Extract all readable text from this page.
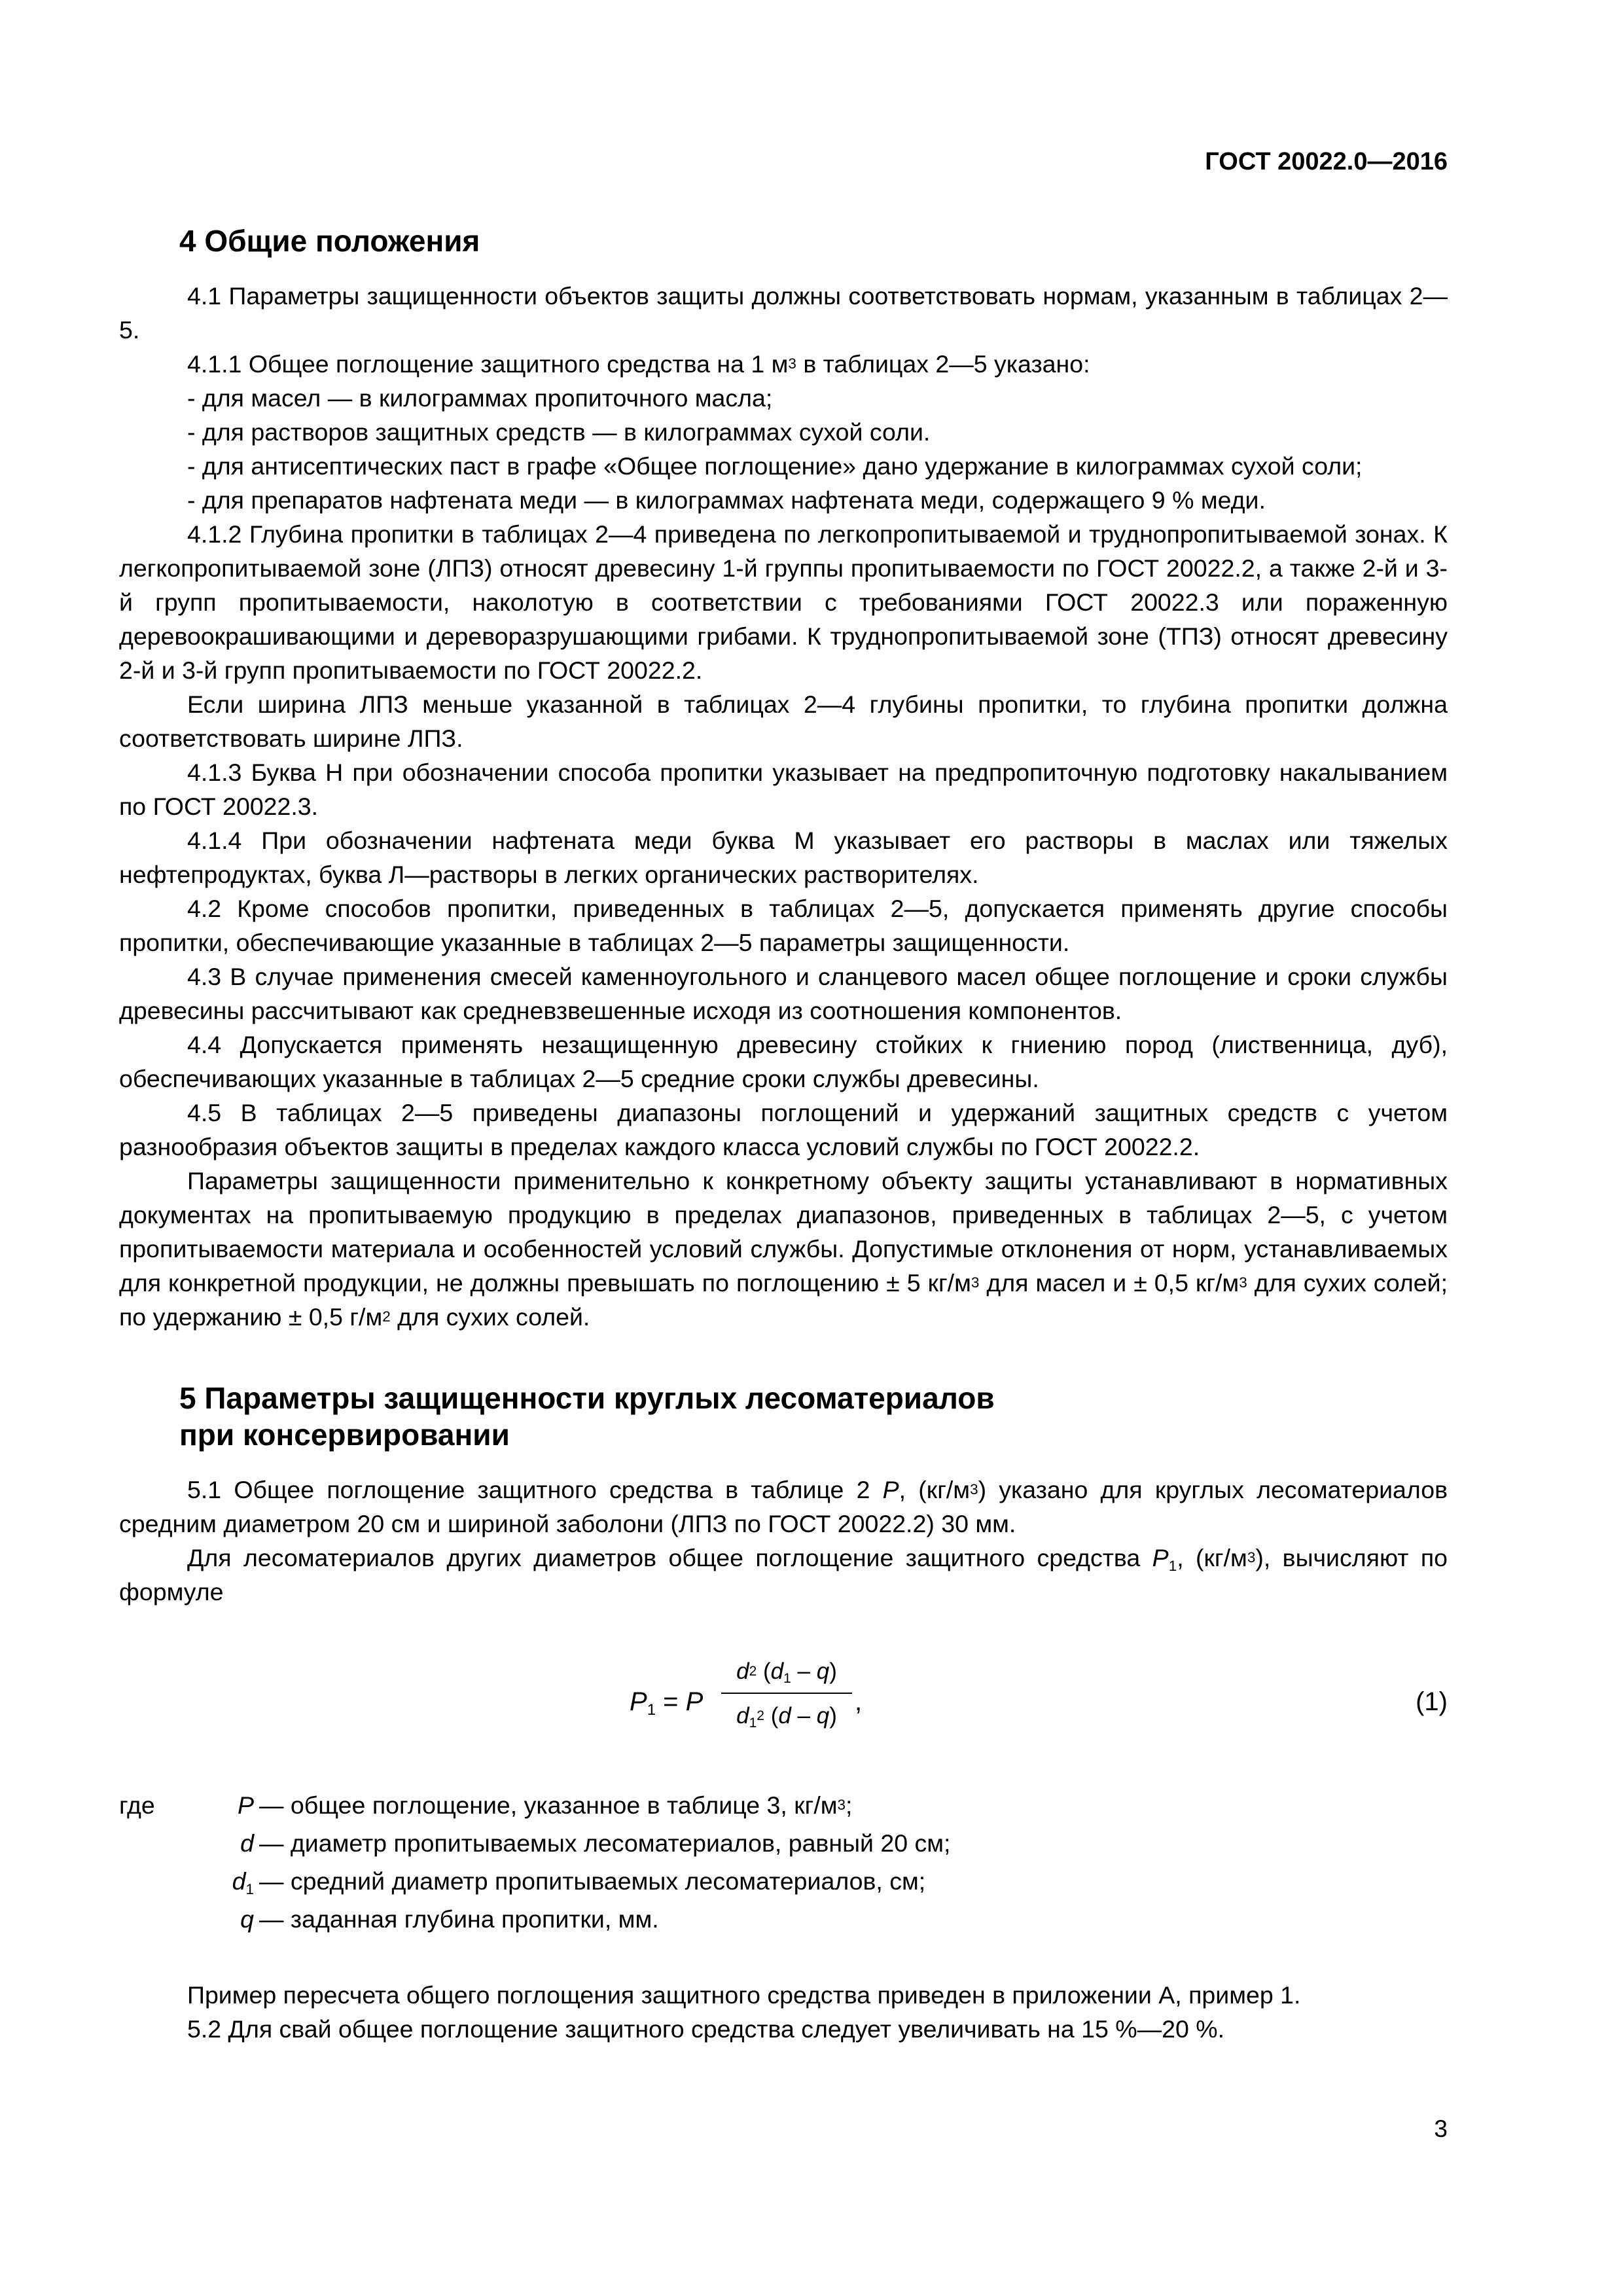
ГОСТ 20022.0—2016
4 Общие положения

4.1 Параметры защищенности объектов защиты должны соответствовать нормам, указанным в таблицах 2—5.

4.1.1 Общее поглощение защитного средства на 1 $м^3$ в таблицах 2—5 указано:

- для масел — в килограммах пропиточного масла;

- для растворов защитных средств — в килограммах сухой соли.

- для антисептических паст в графе «Общее поглощение» дано удержание в килограммах сухой соли;

- для препаратов нафтената меди — в килограммах нафтената меди, содержащего 9 % меди.

4.1.2 Глубина пропитки в таблицах 2—4 приведена по легкопропитываемой и труднопропитываемой зонах. К легкопропитываемой зоне (ЛПЗ) относят древесину 1-й группы пропитываемости по ГОСТ 20022.2, а также 2-й и 3-й групп пропитываемости, наколотую в соответствии с требованиями ГОСТ 20022.3 или пораженную деревоокрашивающими и дереворазрушающими грибами. К труднопропитываемой зоне (ТПЗ) относят древесину 2-й и 3-й групп пропитываемости по ГОСТ 20022.2.

Если ширина ЛПЗ меньше указанной в таблицах 2—4 глубины пропитки, то глубина пропитки должна соответствовать ширине ЛПЗ.

4.1.3 Буква Н при обозначении способа пропитки указывает на предпропиточную подготовку накалыванием по ГОСТ 20022.3.

4.1.4 При обозначении нафтената меди буква М указывает его растворы в маслах или тяжелых нефтепродуктах, буква Л—растворы в легких органических растворителях.

4.2 Кроме способов пропитки, приведенных в таблицах 2—5, допускается применять другие способы пропитки, обеспечивающие указанные в таблицах 2—5 параметры защищенности.

4.3 В случае применения смесей каменноугольного и сланцевого масел общее поглощение и сроки службы древесины рассчитывают как средневзвешенные исходя из соотношения компонентов.

4.4 Допускается применять незащищенную древесину стойких к гниению пород (лиственница, дуб), обеспечивающих указанные в таблицах 2—5 средние сроки службы древесины.

4.5 В таблицах 2—5 приведены диапазоны поглощений и удержаний защитных средств с учетом разнообразия объектов защиты в пределах каждого класса условий службы по ГОСТ 20022.2.

Параметры защищенности применительно к конкретному объекту защиты устанавливают в нормативных документах на пропитываемую продукцию в пределах диапазонов, приведенных в таблицах 2—5, с учетом пропитываемости материала и особенностей условий службы. Допустимые отклонения от норм, устанавливаемых для конкретной продукции, не должны превышать по поглощению ± 5 $кг/м^3$ для масел и ± 0,5 $кг/м^3$ для сухих солей; по удержанию ± 0,5 $г/м^2$ для сухих солей.

5 Параметры защищенности круглых лесоматериалов
при консервировании

5.1 Общее поглощение защитного средства в таблице 2 P, $(кг/м^3)$ указано для круглых лесоматериалов средним диаметром 20 см и шириной заболони (ЛПЗ по ГОСТ 20022.2) 30 мм.

Для лесоматериалов других диаметров общее поглощение защитного средства $P_1$, $(кг/м^3)$, вычисляют по формуле

$P_1 = P$
$d^2$ $(d_1 - q)$
$d_1^2$ (d – q) ,	(1)
где	P — общее поглощение, указанное в таблице 3, $кг/м^3$;
d — диаметр пропитываемых лесоматериалов, равный 20 см;
$d_1$ — средний диаметр пропитываемых лесоматериалов, см;
q — заданная глубина пропитки, мм.

Пример пересчета общего поглощения защитного средства приведен в приложении А, пример 1.

5.2 Для свай общее поглощение защитного средства следует увеличивать на 15 %—20 %.

3
